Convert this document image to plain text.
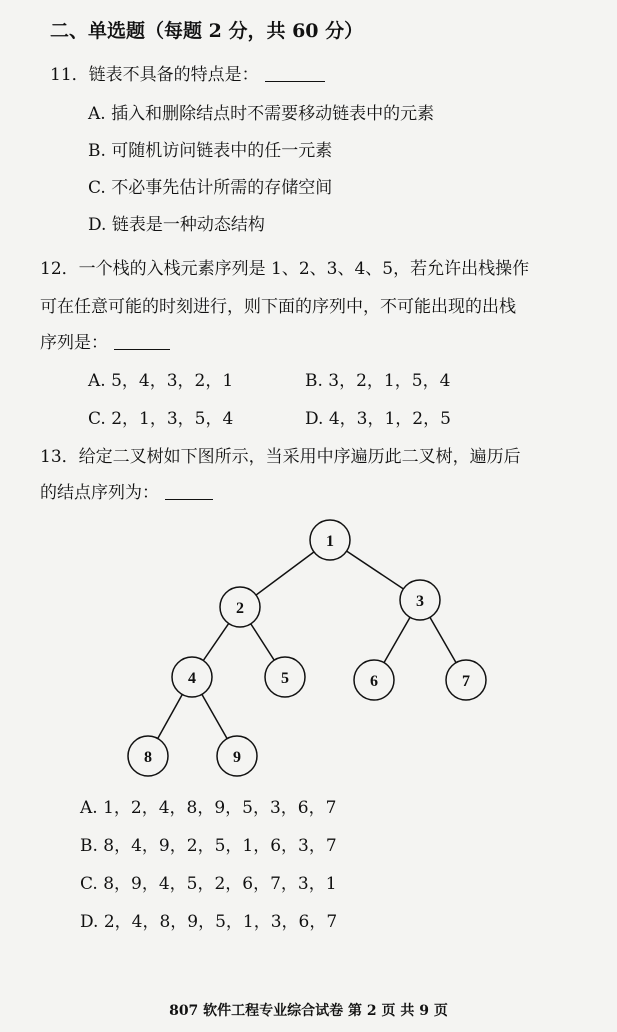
二、单选题（每题 2 分，共 60 分）
11．链表不具备的特点是：
A. 插入和删除结点时不需要移动链表中的元素
B. 可随机访问链表中的任一元素
C. 不必事先估计所需的存储空间
D. 链表是一种动态结构
12．一个栈的入栈元素序列是 1、2、3、4、5，若允许出栈操作
可在任意可能的时刻进行，则下面的序列中，不可能出现的出栈
序列是：
A. 5，4，3，2，1	B. 3，2，1，5，4
C. 2，1，3，5，4	D. 4，3，1，2，5
13．给定二叉树如下图所示，当采用中序遍历此二叉树，遍历后
的结点序列为：
1
2	3
4	5	6	7
8	9
A. 1，2，4，8，9，5，3，6，7
B. 8，4，9，2，5，1，6，3，7
C. 8，9，4，5，2，6，7，3，1
D. 2，4，8，9，5，1，3，6，7
807 软件工程专业综合试卷 第 2 页 共 9 页
